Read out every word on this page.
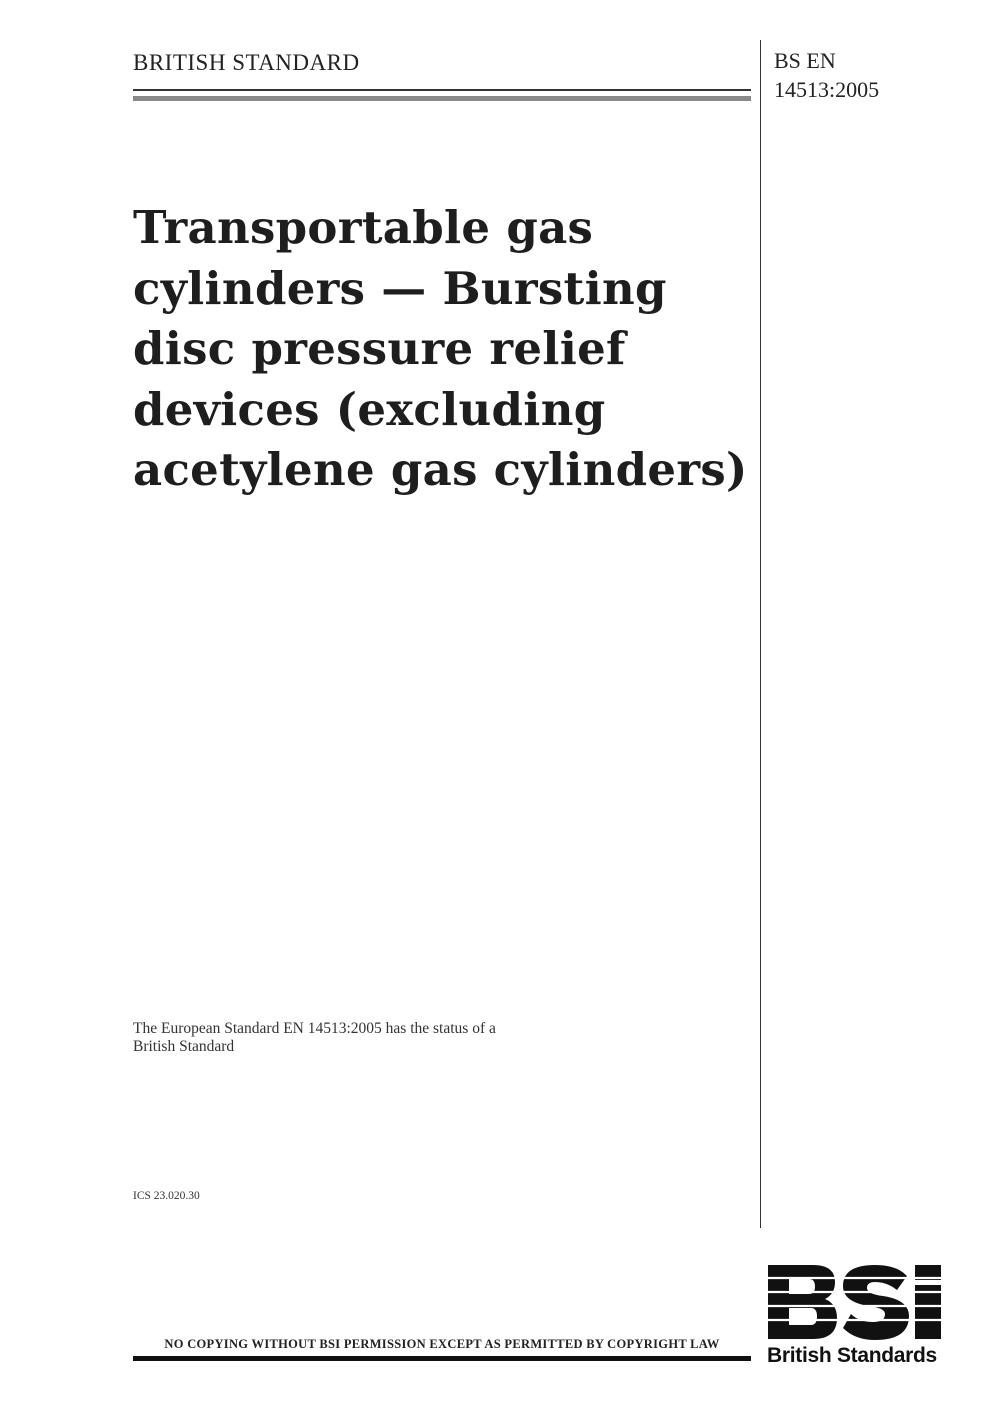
BRITISH STANDARD	BS EN
14513:2005
Transportable gas
cylinders — Bursting
disc pressure relief
devices (excluding
acetylene gas cylinders)
The European Standard EN 14513:2005 has the status of a
British Standard
ICS 23.020.30
NO COPYING WITHOUT BSI PERMISSION EXCEPT AS PERMITTED BY COPYRIGHT LAW	British Standards
